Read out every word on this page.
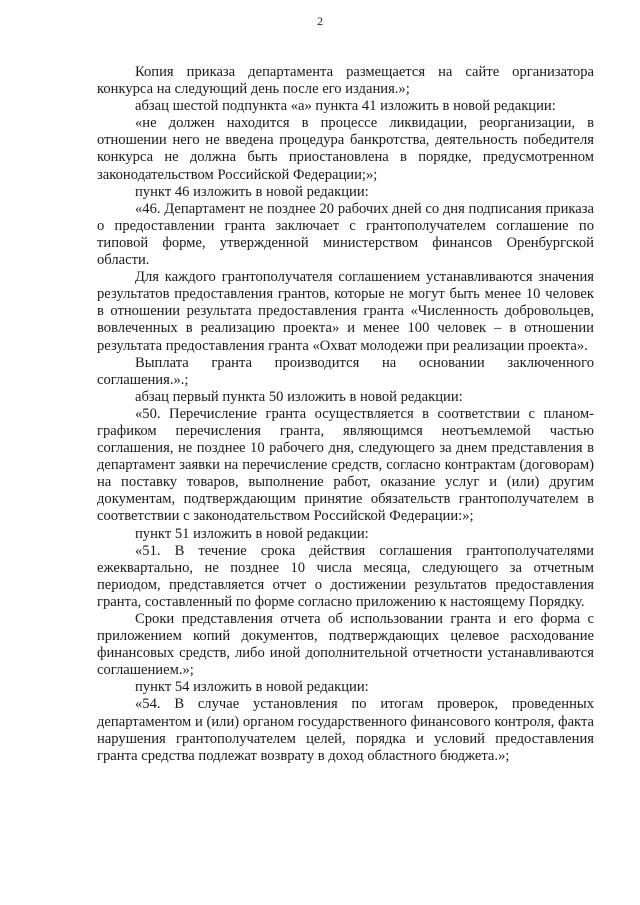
2

Копия приказа департамента размещается на сайте организатора конкурса на следующий день после его издания.»;

абзац шестой подпункта «а» пункта 41 изложить в новой редакции:

«не должен находится в процессе ликвидации, реорганизации, в отношении него не введена процедура банкротства, деятельность победителя конкурса не должна быть приостановлена в порядке, предусмотренном законодательством Российской Федерации;»;

пункт 46 изложить в новой редакции:

«46. Департамент не позднее 20 рабочих дней со дня подписания приказа о предоставлении гранта заключает с грантополучателем соглашение по типовой форме, утвержденной министерством финансов Оренбургской области.

Для каждого грантополучателя соглашением устанавливаются значения результатов предоставления грантов, которые не могут быть менее 10 человек в отношении результата предоставления гранта «Численность добровольцев, вовлеченных в реализацию проекта» и менее 100 человек – в отношении результата предоставления гранта «Охват молодежи при реализации проекта».

Выплата гранта производится на основании заключенного соглашения.».;

абзац первый пункта 50 изложить в новой редакции:

«50. Перечисление гранта осуществляется в соответствии с планом-графиком перечисления гранта, являющимся неотъемлемой частью соглашения, не позднее 10 рабочего дня, следующего за днем представления в департамент заявки на перечисление средств, согласно контрактам (договорам) на поставку товаров, выполнение работ, оказание услуг и (или) другим документам, подтверждающим принятие обязательств грантополучателем в соответствии с законодательством Российской Федерации:»;

пункт 51 изложить в новой редакции:

«51. В течение срока действия соглашения грантополучателями ежеквартально, не позднее 10 числа месяца, следующего за отчетным периодом, представляется отчет о достижении результатов предоставления гранта, составленный по форме согласно приложению к настоящему Порядку.

Сроки представления отчета об использовании гранта и его форма с приложением копий документов, подтверждающих целевое расходование финансовых средств, либо иной дополнительной отчетности устанавливаются соглашением.»;

пункт 54 изложить в новой редакции:

«54. В случае установления по итогам проверок, проведенных департаментом и (или) органом государственного финансового контроля, факта нарушения грантополучателем целей, порядка и условий предоставления гранта средства подлежат возврату в доход областного бюджета.»;
